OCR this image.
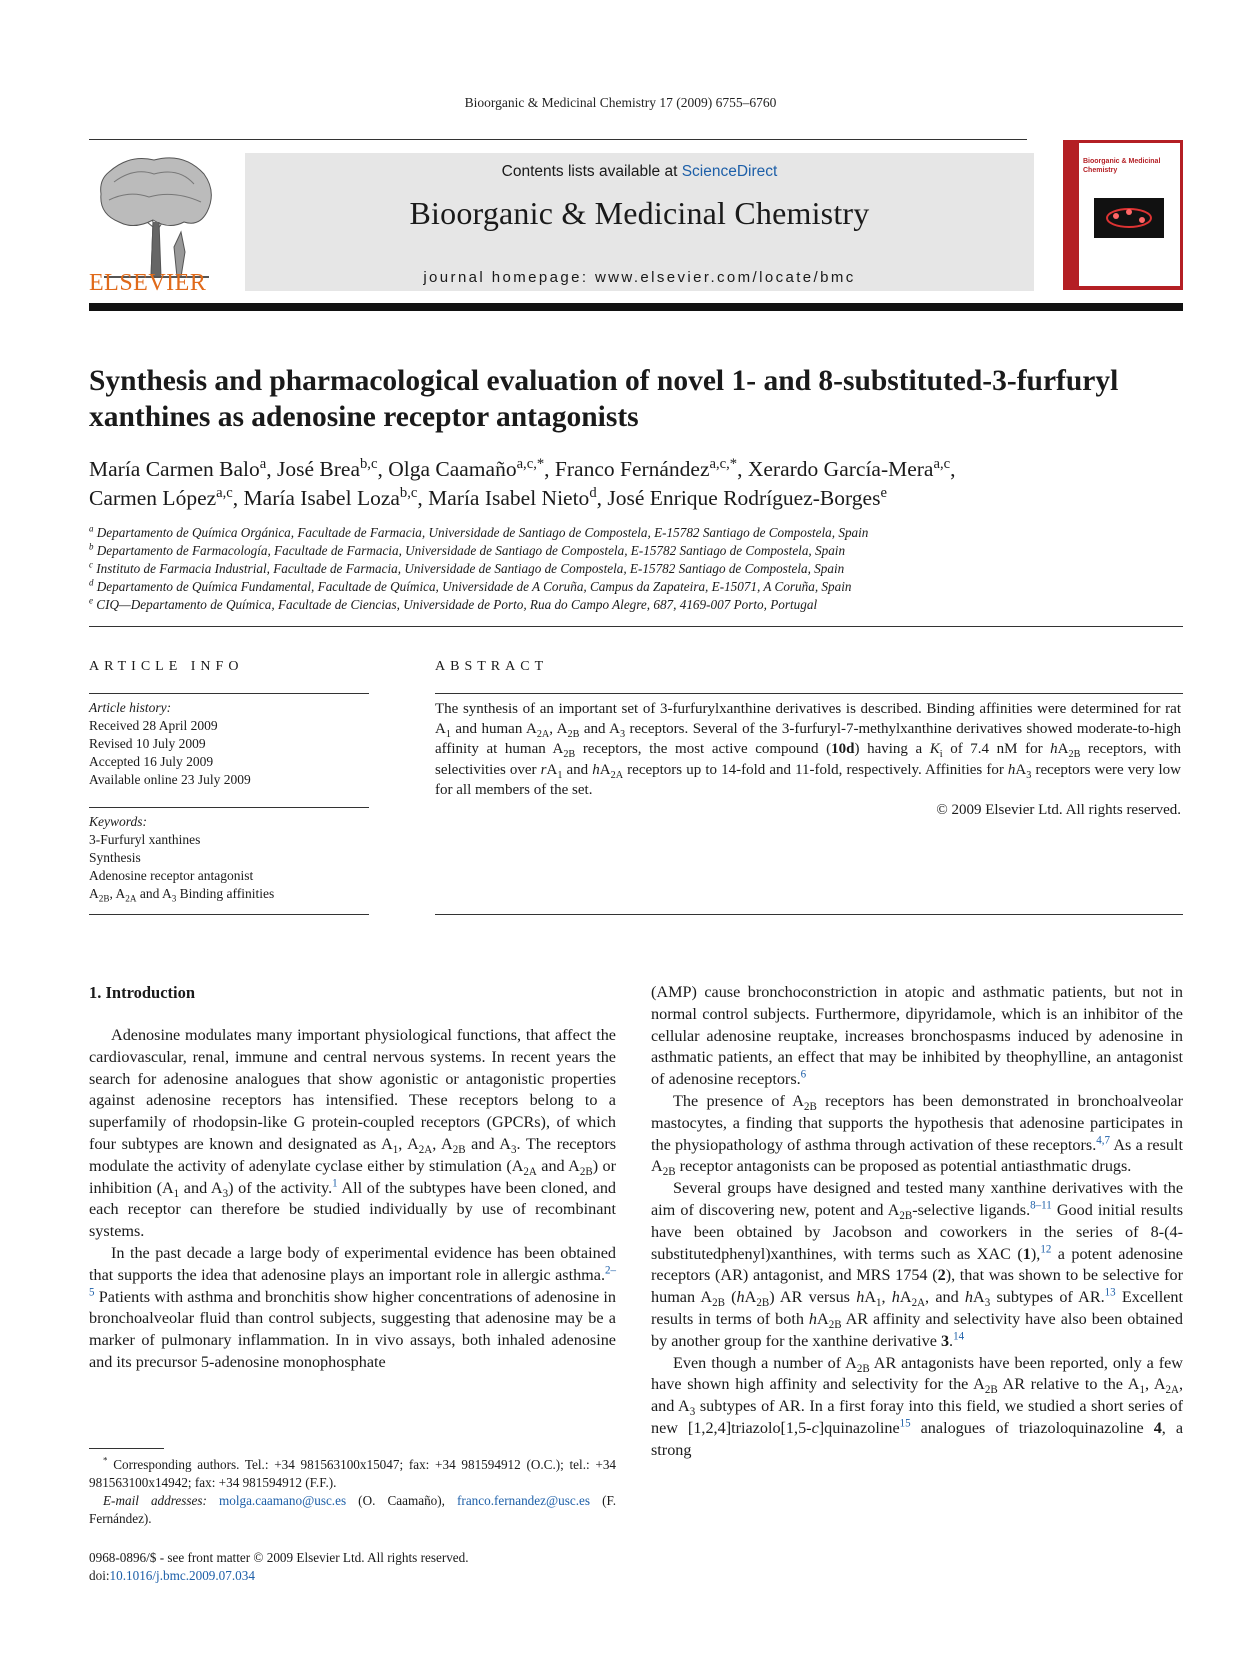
Bioorganic & Medicinal Chemistry 17 (2009) 6755–6760
ELSEVIER
Contents lists available at ScienceDirect
Bioorganic & Medicinal Chemistry
journal homepage: www.elsevier.com/locate/bmc
Bioorganic & Medicinal Chemistry
Synthesis and pharmacological evaluation of novel 1- and 8-substituted-3-furfuryl xanthines as adenosine receptor antagonists
María Carmen Balo$^a$, José Brea$^{b,c}$, Olga Caamaño$^{a,c,*}$, Franco Fernández$^{a,c,*}$, Xerardo García-Mera$^{a,c}$,
Carmen López$^{a,c}$, María Isabel Loza$^{b,c}$, María Isabel Nieto$^d$, José Enrique Rodríguez-Borges$^e$
$^a$ Departamento de Química Orgánica, Facultade de Farmacia, Universidade de Santiago de Compostela, E-15782 Santiago de Compostela, Spain
$^b$ Departamento de Farmacología, Facultade de Farmacia, Universidade de Santiago de Compostela, E-15782 Santiago de Compostela, Spain
$^c$ Instituto de Farmacia Industrial, Facultade de Farmacia, Universidade de Santiago de Compostela, E-15782 Santiago de Compostela, Spain
$^d$ Departamento de Química Fundamental, Facultade de Química, Universidade de A Coruña, Campus da Zapateira, E-15071, A Coruña, Spain
$^e$ CIQ—Departamento de Química, Facultade de Ciencias, Universidade de Porto, Rua do Campo Alegre, 687, 4169-007 Porto, Portugal
ARTICLE INFO
Article history:
Received 28 April 2009
Revised 10 July 2009
Accepted 16 July 2009
Available online 23 July 2009
Keywords:
3-Furfuryl xanthines
Synthesis
Adenosine receptor antagonist
$A_{2B}$, $A_{2A}$ and $A_3$ Binding affinities
ABSTRACT
The synthesis of an important set of 3-furfurylxanthine derivatives is described. Binding affinities were determined for rat $A_1$ and human $A_{2A}$, $A_{2B}$ and $A_3$ receptors. Several of the 3-furfuryl-7-methylxanthine derivatives showed moderate-to-high affinity at human $A_{2B}$ receptors, the most active compound (10d) having a $K_i$ of 7.4 nM for $hA_{2B}$ receptors, with selectivities over $rA_1$ and $hA_{2A}$ receptors up to 14-fold and 11-fold, respectively. Affinities for $hA_3$ receptors were very low for all members of the set.
© 2009 Elsevier Ltd. All rights reserved.
1. Introduction

Adenosine modulates many important physiological functions, that affect the cardiovascular, renal, immune and central nervous systems. In recent years the search for adenosine analogues that show agonistic or antagonistic properties against adenosine receptors has intensified. These receptors belong to a superfamily of rhodopsin-like G protein-coupled receptors (GPCRs), of which four subtypes are known and designated as $A_1$, $A_{2A}$, $A_{2B}$ and $A_3$. The receptors modulate the activity of adenylate cyclase either by stimulation ($A_{2A}$ and $A_{2B}$) or inhibition ($A_1$ and $A_3$) of the activity.$^1$ All of the subtypes have been cloned, and each receptor can therefore be studied individually by use of recombinant systems.

In the past decade a large body of experimental evidence has been obtained that supports the idea that adenosine plays an important role in allergic asthma.$^{2-5}$ Patients with asthma and bronchitis show higher concentrations of adenosine in bronchoalveolar fluid than control subjects, suggesting that adenosine may be a marker of pulmonary inflammation. In in vivo assays, both inhaled adenosine and its precursor 5-adenosine monophosphate

(AMP) cause bronchoconstriction in atopic and asthmatic patients, but not in normal control subjects. Furthermore, dipyridamole, which is an inhibitor of the cellular adenosine reuptake, increases bronchospasms induced by adenosine in asthmatic patients, an effect that may be inhibited by theophylline, an antagonist of adenosine receptors.$^6$

The presence of $A_{2B}$ receptors has been demonstrated in bronchoalveolar mastocytes, a finding that supports the hypothesis that adenosine participates in the physiopathology of asthma through activation of these receptors.$^{4,7}$ As a result $A_{2B}$ receptor antagonists can be proposed as potential antiasthmatic drugs.

Several groups have designed and tested many xanthine derivatives with the aim of discovering new, potent and $A_{2B}$-selective ligands.$^{8-11}$ Good initial results have been obtained by Jacobson and coworkers in the series of 8-(4-substitutedphenyl)xanthines, with terms such as XAC (1),$^{12}$ a potent adenosine receptors (AR) antagonist, and MRS 1754 (2), that was shown to be selective for human $A_{2B}$ $(hA_{2B})$ AR versus $hA_1$, $hA_{2A}$, and $hA_3$ subtypes of AR.$^{13}$ Excellent results in terms of both $hA_{2B}$ AR affinity and selectivity have also been obtained by another group for the xanthine derivative 3.14

Even though a number of $A_{2B}$ AR antagonists have been reported, only a few have shown high affinity and selectivity for the $A_{2B}$ AR relative to the $A_1$, $A_{2A}$, and $A_3$ subtypes of AR. In a first foray into this field, we studied a short series of new [1,2,4]triazolo[1,5-c]quinazoline$^{15}$ analogues of triazoloquinazoline 4, a strong

* Corresponding authors. Tel.: +34 981563100x15047; fax: +34 981594912 (O.C.); tel.: +34 981563100x14942; fax: +34 981594912 (F.F.).
E-mail addresses: molga.caamano@usc.es (O. Caamaño), franco.fernandez@usc.es (F. Fernández).
0968-0896/$ - see front matter © 2009 Elsevier Ltd. All rights reserved.
doi:10.1016/j.bmc.2009.07.034
